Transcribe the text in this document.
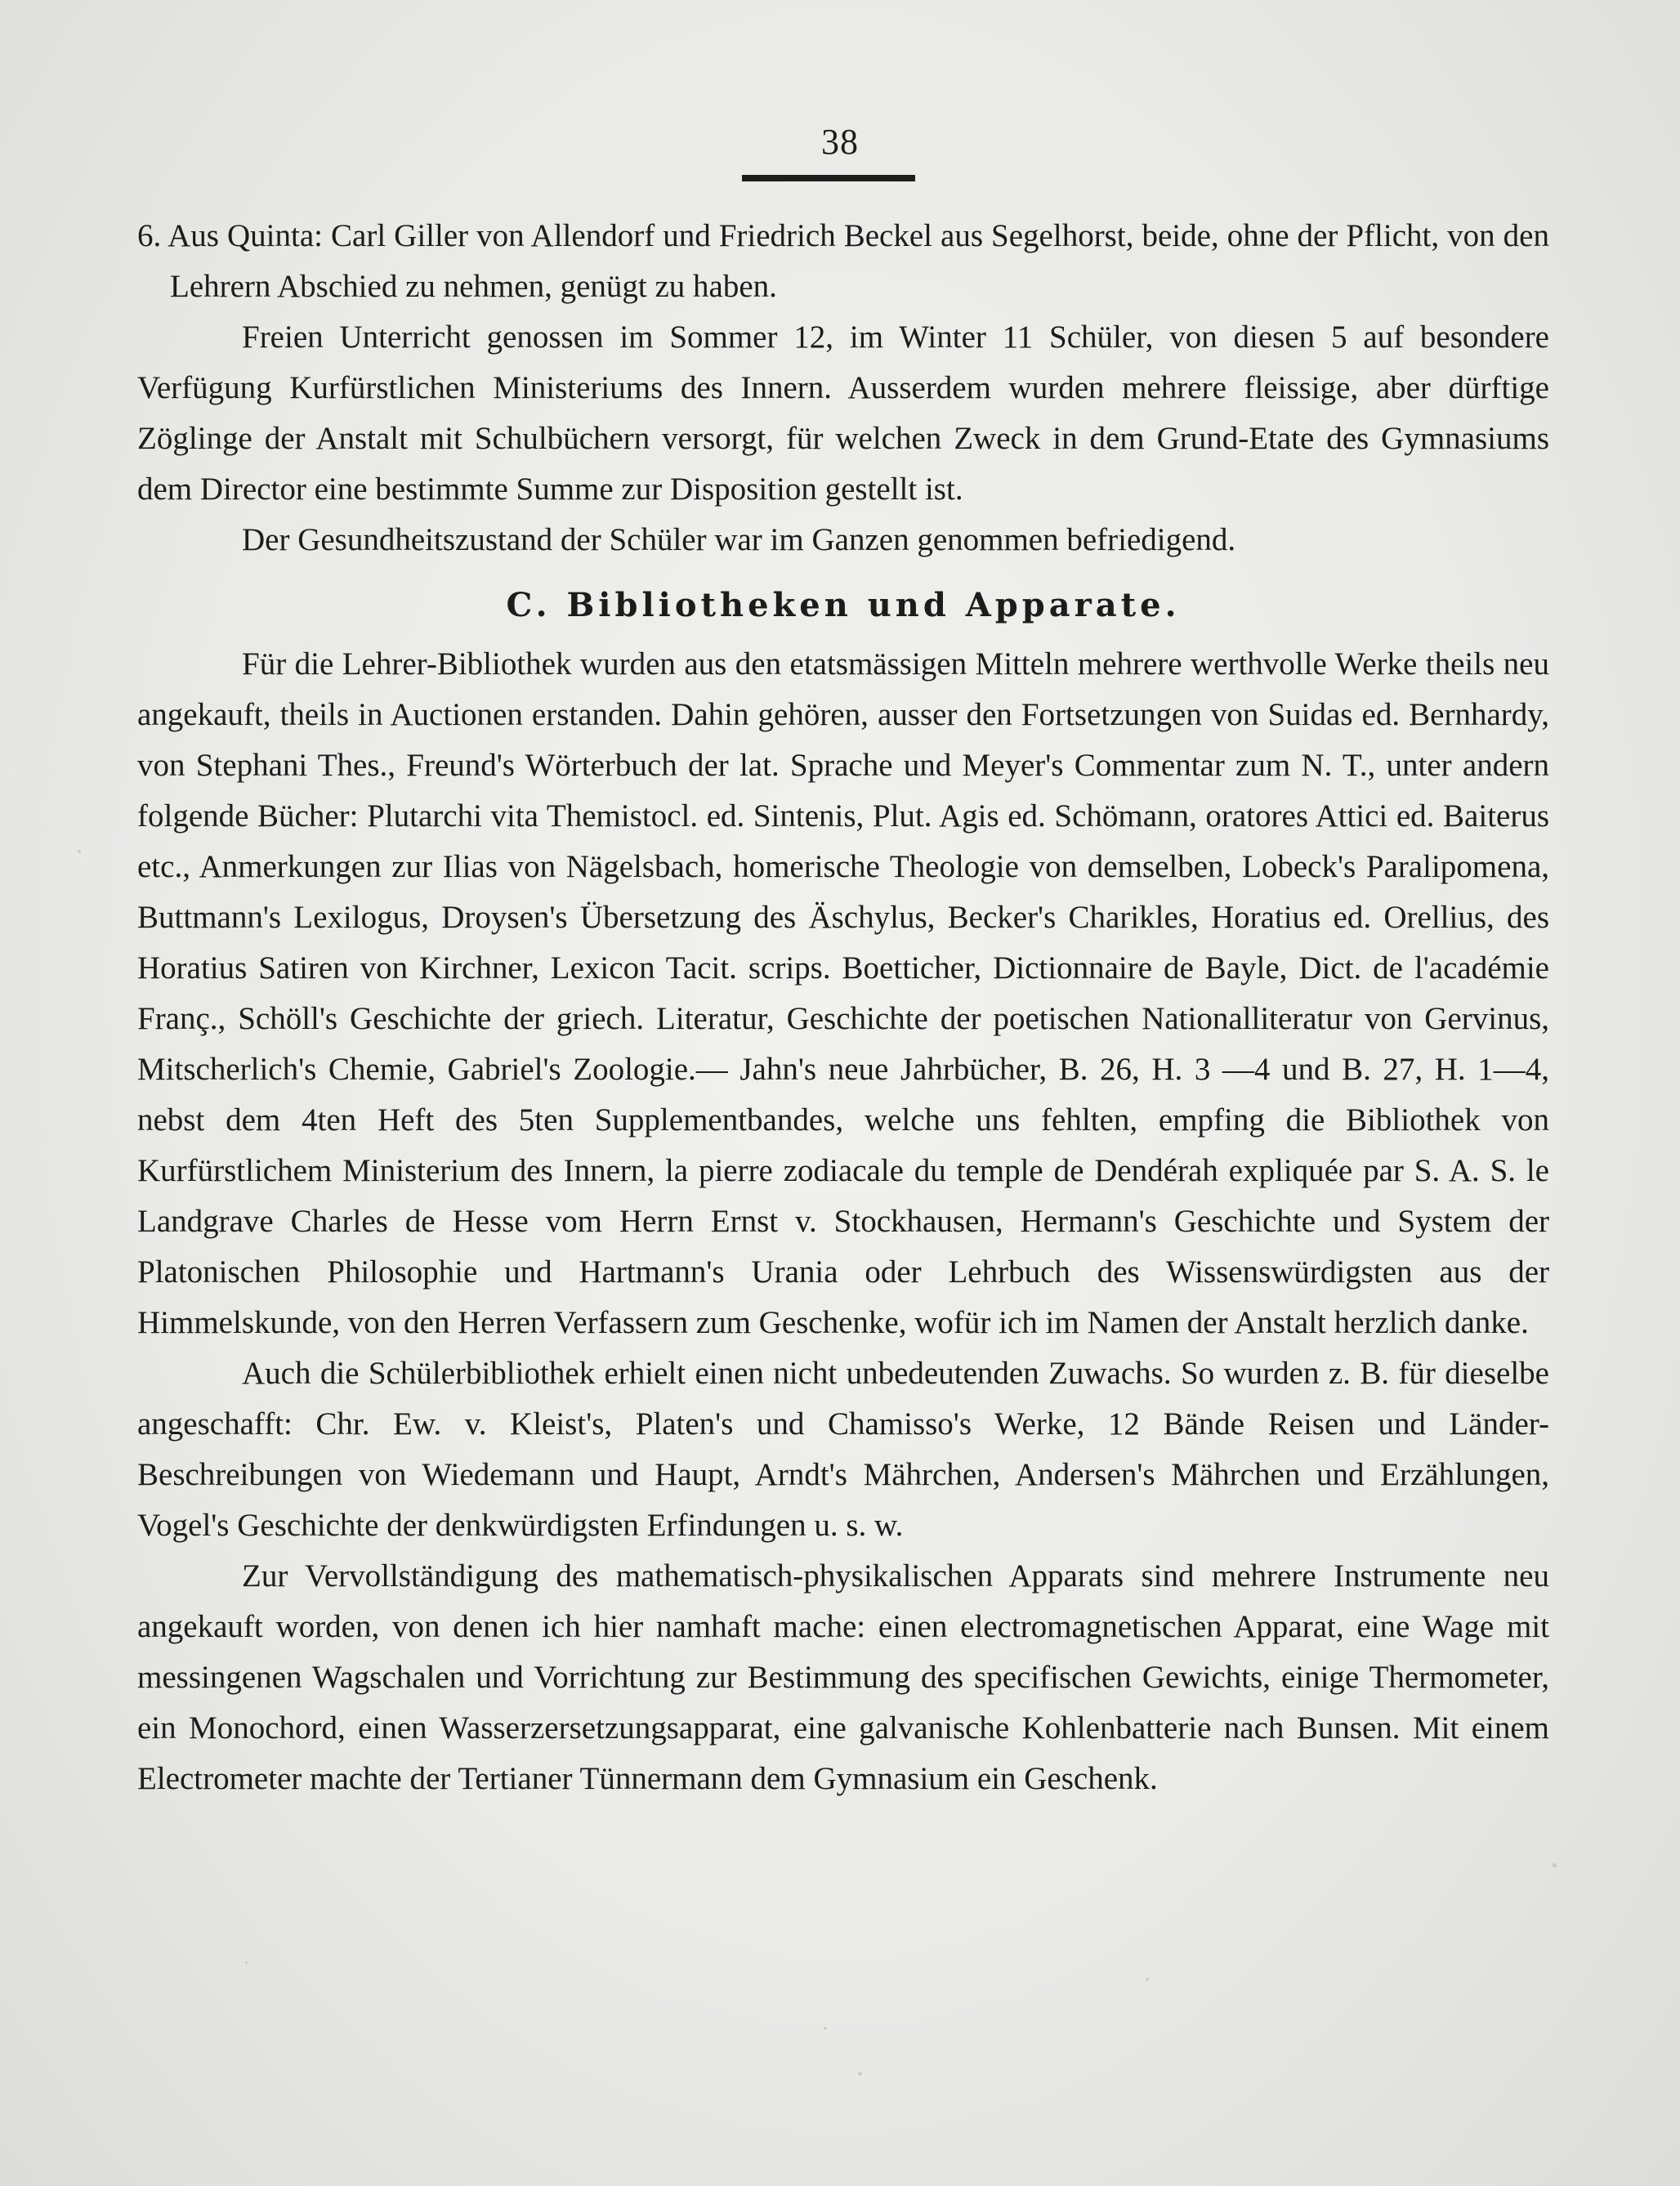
38

6. Aus Quinta: Carl Giller von Allendorf und Friedrich Beckel aus Segelhorst, beide, ohne der Pflicht, von den Lehrern Abschied zu nehmen, genügt zu haben.

Freien Unterricht genossen im Sommer 12, im Winter 11 Schüler, von diesen 5 auf besondere Verfügung Kurfürstlichen Ministeriums des Innern. Ausserdem wurden mehrere fleissige, aber dürftige Zöglinge der Anstalt mit Schulbüchern versorgt, für welchen Zweck in dem Grund-Etate des Gymnasiums dem Director eine bestimmte Summe zur Disposition gestellt ist.

Der Gesundheitszustand der Schüler war im Ganzen genommen befriedigend.

C. Bibliotheken und Apparate.

Für die Lehrer-Bibliothek wurden aus den etatsmässigen Mitteln mehrere werthvolle Werke theils neu angekauft, theils in Auctionen erstanden. Dahin gehören, ausser den Fortsetzungen von Suidas ed. Bernhardy, von Stephani Thes., Freund's Wörterbuch der lat. Sprache und Meyer's Commentar zum N. T., unter andern folgende Bücher: Plutarchi vita Themistocl. ed. Sintenis, Plut. Agis ed. Schömann, oratores Attici ed. Baiterus etc., Anmerkungen zur Ilias von Nägelsbach, homerische Theologie von demselben, Lobeck's Paralipomena, Buttmann's Lexilogus, Droysen's Übersetzung des Äschylus, Becker's Charikles, Horatius ed. Orellius, des Horatius Satiren von Kirchner, Lexicon Tacit. scrips. Boetticher, Dictionnaire de Bayle, Dict. de l'académie Franç., Schöll's Geschichte der griech. Literatur, Geschichte der poetischen Nationalliteratur von Gervinus, Mitscherlich's Chemie, Gabriel's Zoologie.— Jahn's neue Jahrbücher, B. 26, H. 3 —4 und B. 27, H. 1—4, nebst dem 4ten Heft des 5ten Supplementbandes, welche uns fehlten, empfing die Bibliothek von Kurfürstlichem Ministerium des Innern, la pierre zodiacale du temple de Dendérah expliquée par S. A. S. le Landgrave Charles de Hesse vom Herrn Ernst v. Stockhausen, Hermann's Geschichte und System der Platonischen Philosophie und Hartmann's Urania oder Lehrbuch des Wissenswürdigsten aus der Himmelskunde, von den Herren Verfassern zum Geschenke, wofür ich im Namen der Anstalt herzlich danke.

Auch die Schülerbibliothek erhielt einen nicht unbedeutenden Zuwachs. So wurden z. B. für dieselbe angeschafft: Chr. Ew. v. Kleist's, Platen's und Chamisso's Werke, 12 Bände Reisen und Länder-Beschreibungen von Wiedemann und Haupt, Arndt's Mährchen, Andersen's Mährchen und Erzählungen, Vogel's Geschichte der denkwürdigsten Erfindungen u. s. w.

Zur Vervollständigung des mathematisch-physikalischen Apparats sind mehrere Instrumente neu angekauft worden, von denen ich hier namhaft mache: einen electromagnetischen Apparat, eine Wage mit messingenen Wagschalen und Vorrichtung zur Bestimmung des specifischen Gewichts, einige Thermometer, ein Monochord, einen Wasserzersetzungsapparat, eine galvanische Kohlenbatterie nach Bunsen. Mit einem Electrometer machte der Tertianer Tünnermann dem Gymnasium ein Geschenk.
